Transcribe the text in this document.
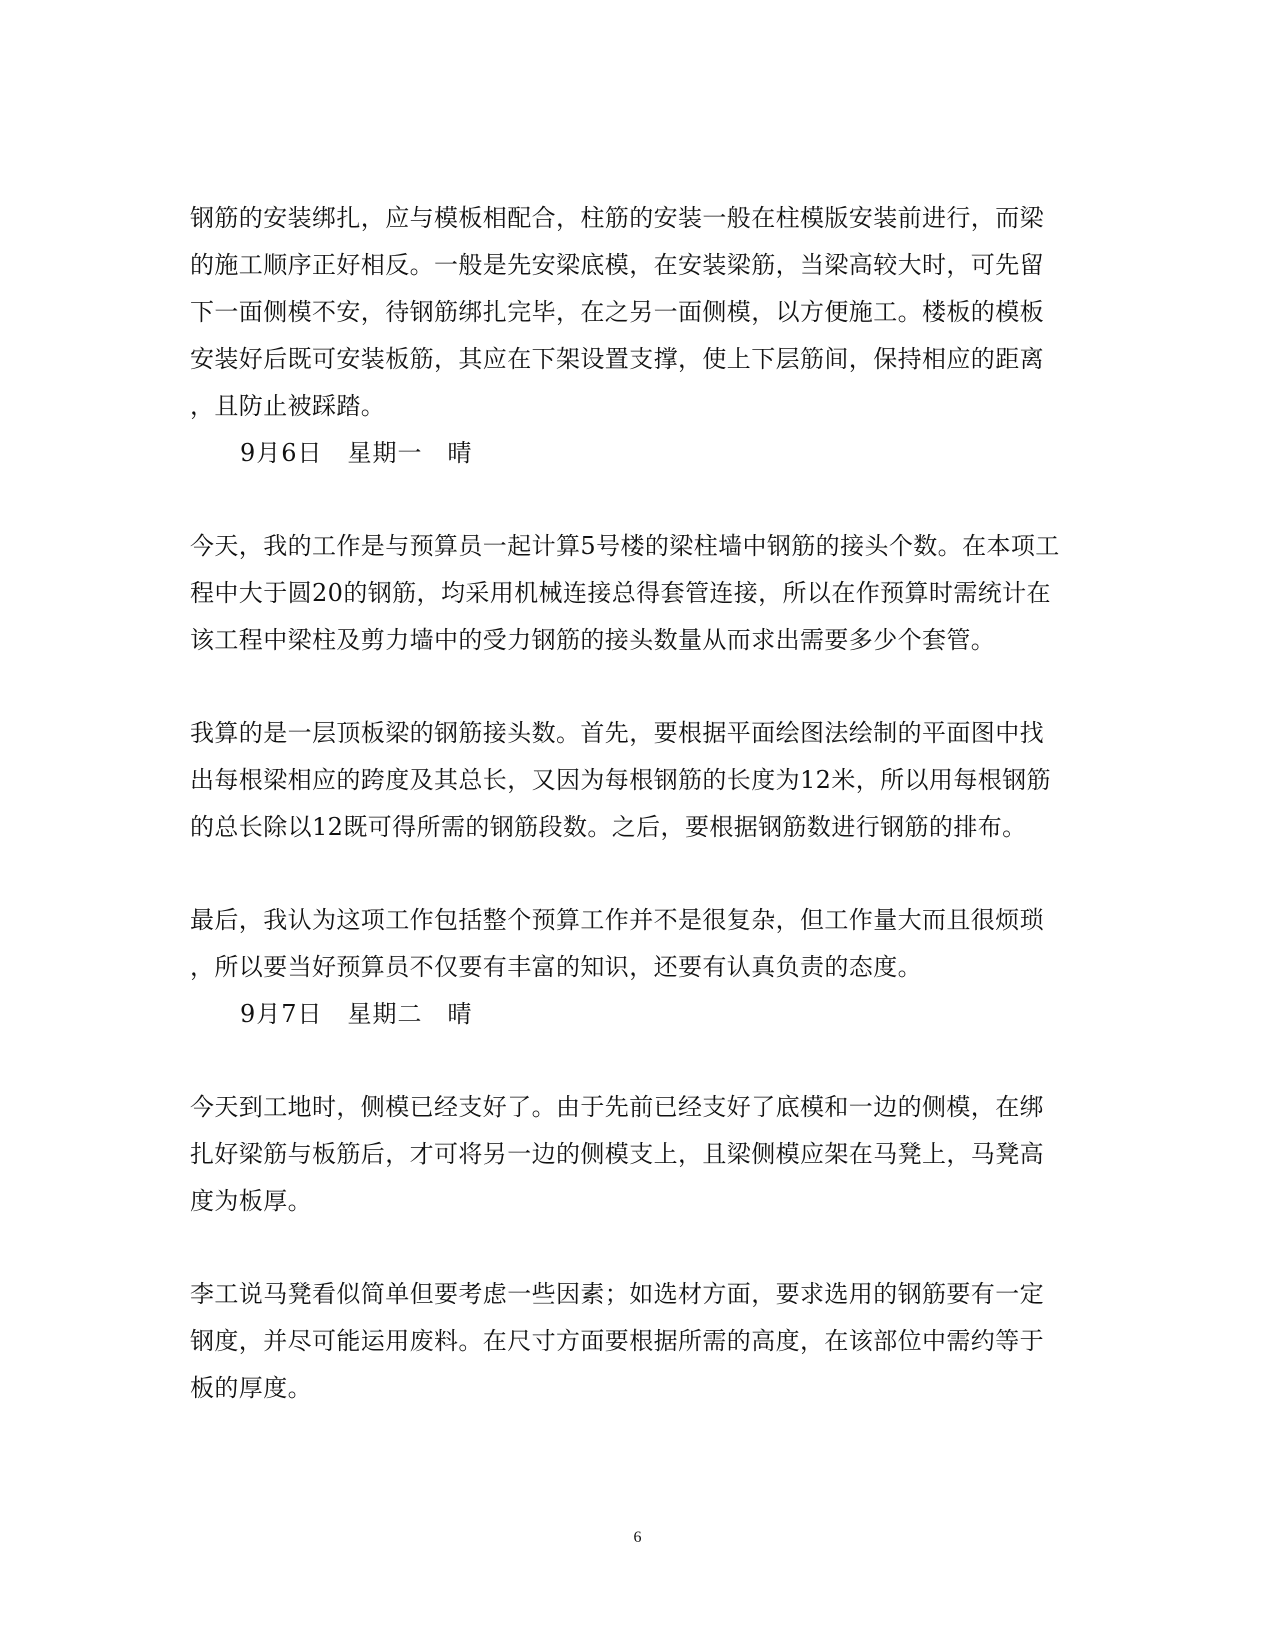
钢筋的安装绑扎，应与模板相配合，柱筋的安装一般在柱模版安装前进行，而梁
的施工顺序正好相反。一般是先安梁底模，在安装梁筋，当梁高较大时，可先留
下一面侧模不安，待钢筋绑扎完毕，在之另一面侧模，以方便施工。楼板的模板
安装好后既可安装板筋，其应在下架设置支撑，使上下层筋间，保持相应的距离
，且防止被踩踏。
9月6日　星期一　晴
今天，我的工作是与预算员一起计算5号楼的梁柱墙中钢筋的接头个数。在本项工
程中大于圆20的钢筋，均采用机械连接总得套管连接，所以在作预算时需统计在
该工程中梁柱及剪力墙中的受力钢筋的接头数量从而求出需要多少个套管。
我算的是一层顶板梁的钢筋接头数。首先，要根据平面绘图法绘制的平面图中找
出每根梁相应的跨度及其总长，又因为每根钢筋的长度为12米，所以用每根钢筋
的总长除以12既可得所需的钢筋段数。之后，要根据钢筋数进行钢筋的排布。
最后，我认为这项工作包括整个预算工作并不是很复杂，但工作量大而且很烦琐
，所以要当好预算员不仅要有丰富的知识，还要有认真负责的态度。
9月7日　星期二　晴
今天到工地时，侧模已经支好了。由于先前已经支好了底模和一边的侧模，在绑
扎好梁筋与板筋后，才可将另一边的侧模支上，且梁侧模应架在马凳上，马凳高
度为板厚。
李工说马凳看似简单但要考虑一些因素；如选材方面，要求选用的钢筋要有一定
钢度，并尽可能运用废料。在尺寸方面要根据所需的高度，在该部位中需约等于
板的厚度。
6
